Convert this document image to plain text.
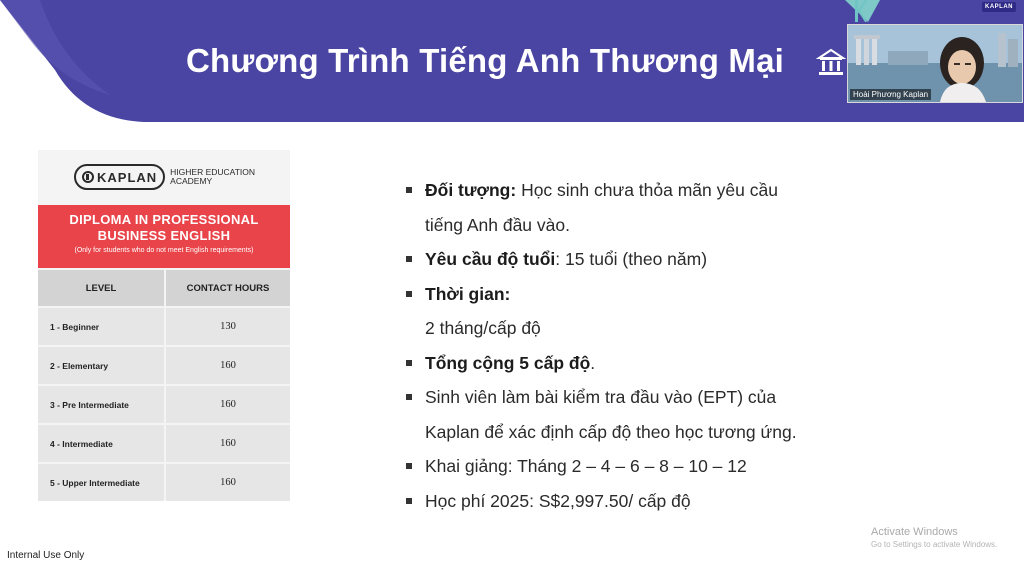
Chương Trình Tiếng Anh Thương Mại
Hoài Phương Kaplan
KAPLAN
KAPLAN HIGHER EDUCATION
ACADEMY
DIPLOMA IN PROFESSIONAL
BUSINESS ENGLISH
(Only for students who do not meet English requirements)
LEVEL	CONTACT HOURS
1 - Beginner	130
2 - Elementary	160
3 - Pre Intermediate	160
4 - Intermediate	160
5 - Upper Intermediate	160
Đối tượng: Học sinh chưa thỏa mãn yêu cầu
tiếng Anh đầu vào.
Yêu cầu độ tuổi: 15 tuổi (theo năm)
Thời gian:
2 tháng/cấp độ
Tổng cộng 5 cấp độ.
Sinh viên làm bài kiểm tra đầu vào (EPT) của
Kaplan để xác định cấp độ theo học tương ứng.
Khai giảng: Tháng 2 – 4 – 6 – 8 – 10 – 12
Học phí 2025: S$2,997.50/ cấp độ
Internal Use Only
Activate Windows
Go to Settings to activate Windows.
